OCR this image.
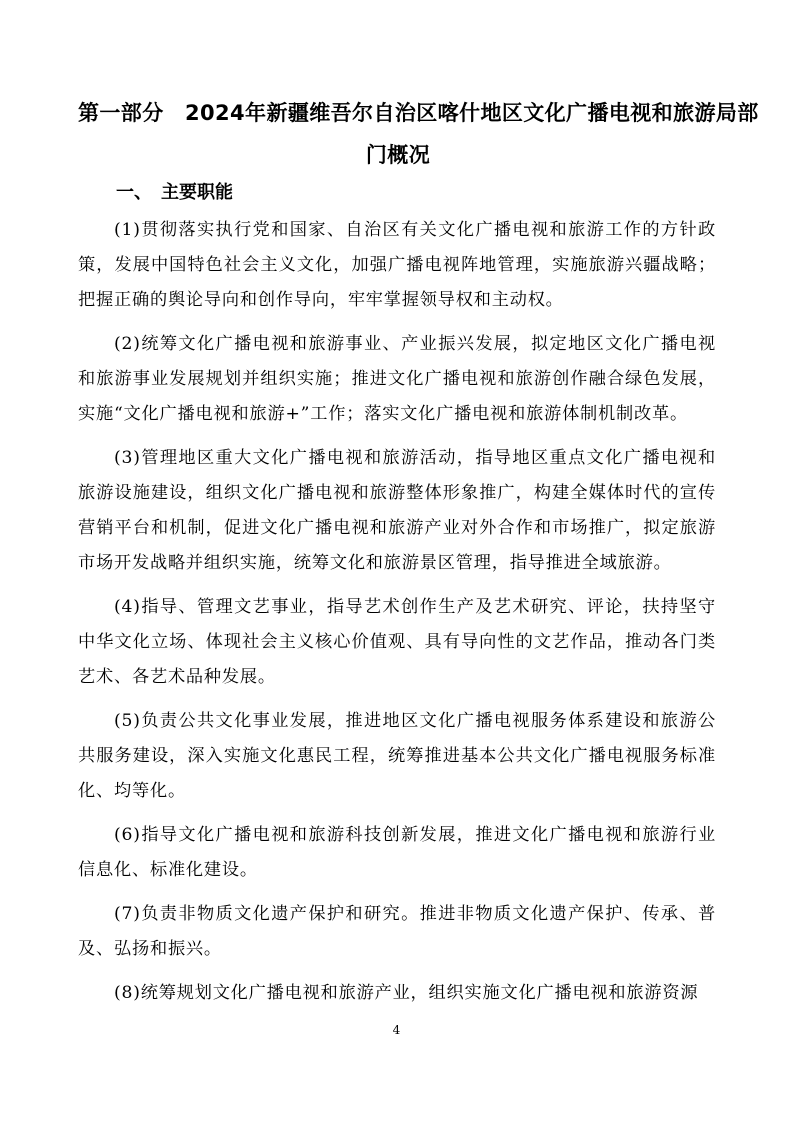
第一部分　2024年新疆维吾尔自治区喀什地区文化广播电视和旅游局部
门概况
一、　主要职能

(1)贯彻落实执行党和国家、自治区有关文化广播电视和旅游工作的方针政策，发展中国特色社会主义文化，加强广播电视阵地管理，实施旅游兴疆战略；把握正确的舆论导向和创作导向，牢牢掌握领导权和主动权。

(2)统筹文化广播电视和旅游事业、产业振兴发展，拟定地区文化广播电视和旅游事业发展规划并组织实施；推进文化广播电视和旅游创作融合绿色发展，实施“文化广播电视和旅游+”工作；落实文化广播电视和旅游体制机制改革。

(3)管理地区重大文化广播电视和旅游活动，指导地区重点文化广播电视和旅游设施建设，组织文化广播电视和旅游整体形象推广，构建全媒体时代的宣传营销平台和机制，促进文化广播电视和旅游产业对外合作和市场推广，拟定旅游市场开发战略并组织实施，统筹文化和旅游景区管理，指导推进全域旅游。

(4)指导、管理文艺事业，指导艺术创作生产及艺术研究、评论，扶持坚守中华文化立场、体现社会主义核心价值观、具有导向性的文艺作品，推动各门类艺术、各艺术品种发展。

(5)负责公共文化事业发展，推进地区文化广播电视服务体系建设和旅游公共服务建设，深入实施文化惠民工程，统筹推进基本公共文化广播电视服务标准化、均等化。

(6)指导文化广播电视和旅游科技创新发展，推进文化广播电视和旅游行业信息化、标准化建设。

(7)负责非物质文化遗产保护和研究。推进非物质文化遗产保护、传承、普及、弘扬和振兴。

(8)统筹规划文化广播电视和旅游产业，组织实施文化广播电视和旅游资源

4
